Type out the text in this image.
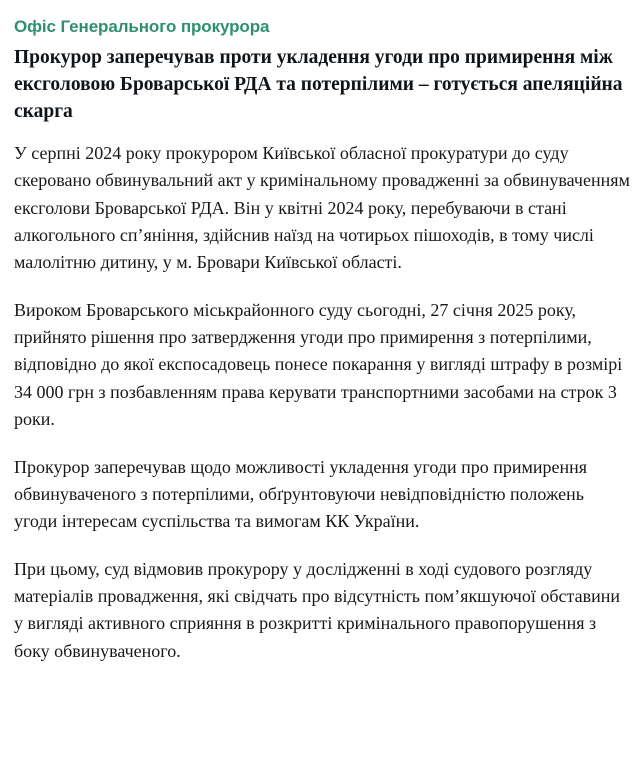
Офіс Генерального прокурора
Прокурор заперечував проти укладення угоди про примирення між ексголовою Броварської РДА та потерпілими – готується апеляційна скарга
У серпні 2024 року прокурором Київської обласної прокуратури до суду скеровано обвинувальний акт у кримінальному провадженні за обвинуваченням ексголови Броварської РДА. Він у квітні 2024 року, перебуваючи в стані алкогольного сп’яніння, здійснив наїзд на чотирьох пішоходів, в тому числі малолітню дитину, у м. Бровари Київської області.
Вироком Броварського міськрайонного суду сьогодні, 27 січня 2025 року, прийнято рішення про затвердження угоди про примирення з потерпілими, відповідно до якої експосадовець понесе покарання у вигляді штрафу в розмірі 34 000 грн з позбавленням права керувати транспортними засобами на строк 3 роки.
Прокурор заперечував щодо можливості укладення угоди про примирення обвинуваченого з потерпілими, обґрунтовуючи невідповідністю положень угоди інтересам суспільства та вимогам КК України.
При цьому, суд відмовив прокурору у дослідженні в ході судового розгляду матеріалів провадження, які свідчать про відсутність пом’якшуючої обставини у вигляді активного сприяння в розкритті кримінального правопорушення з боку обвинуваченого.
